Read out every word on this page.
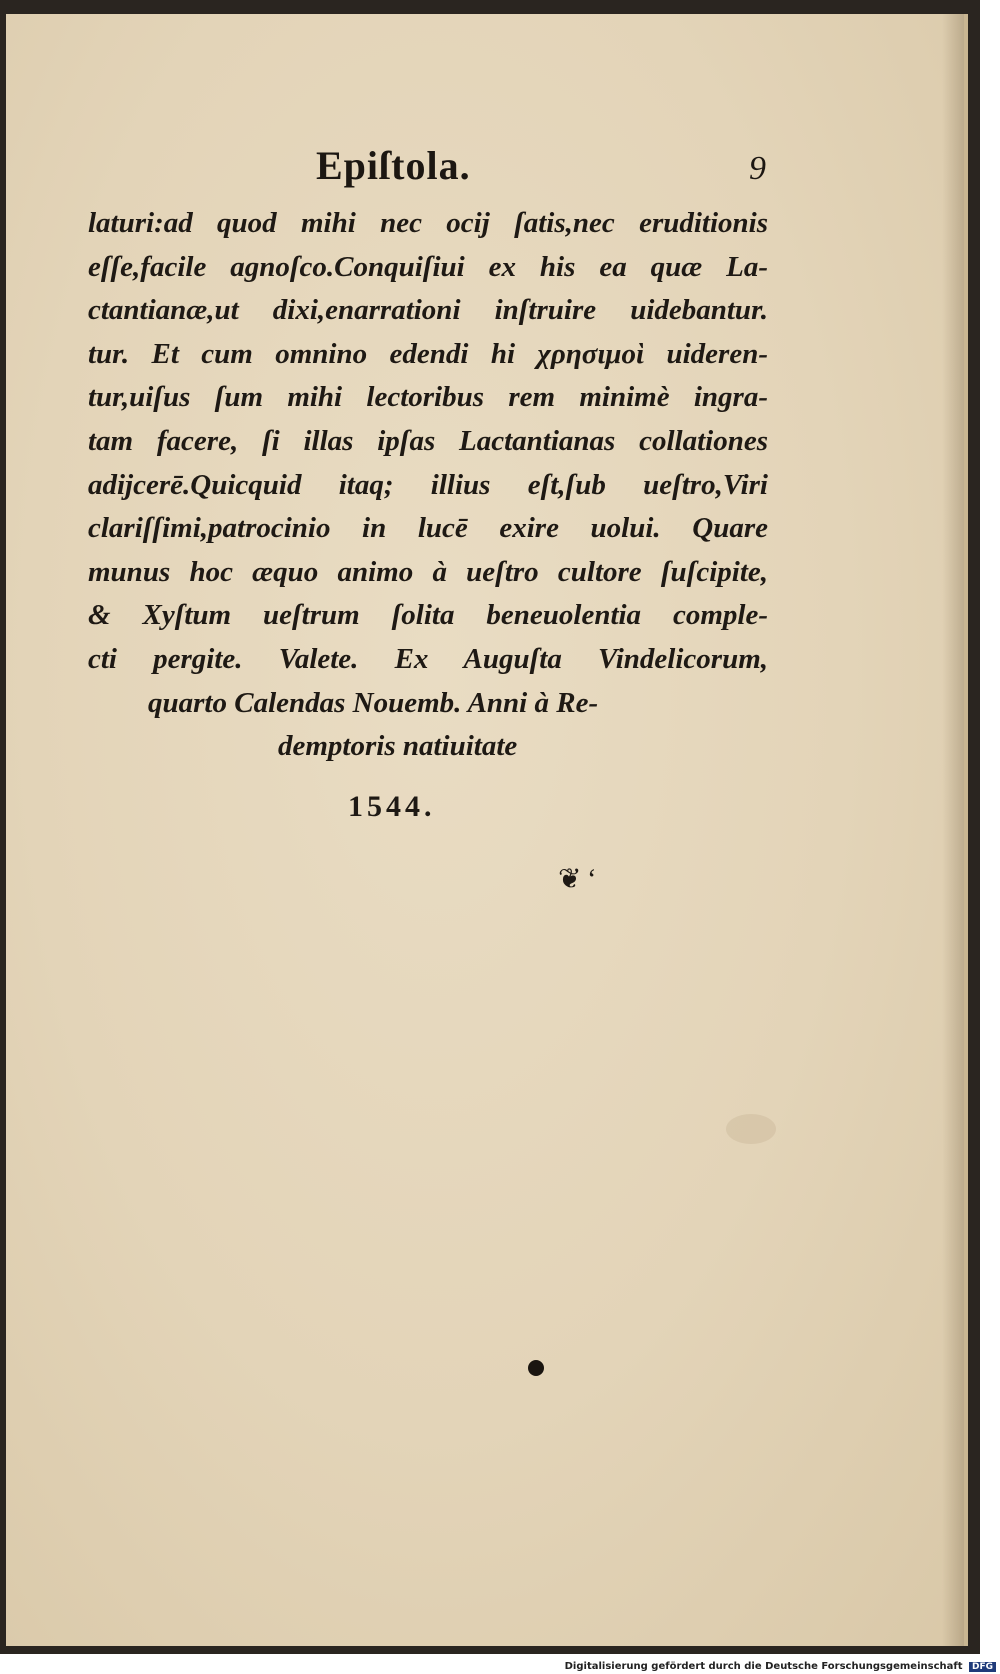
Epiſtola.	9
laturi:ad quod mihi nec ocij ſatis,nec eruditionis
eſſe,facile agnoſco.Conquiſiui ex his ea quæ La-
ctantianæ,ut dixi,enarrationi inſtruire uidebantur.
tur. Et cum omnino edendi hi χρησιμοὶ uideren-
tur,uiſus ſum mihi lectoribus rem minimè ingra-
tam facere, ſi illas ipſas Lactantianas collationes
adijcerē.Quicquid itaq; illius eſt,ſub ueſtro,Viri
clariſſimi,patrocinio in lucē exire uolui. Quare
munus hoc æquo animo à ueſtro cultore ſuſcipite,
& Xyſtum ueſtrum ſolita beneuolentia comple-
cti pergite. Valete. Ex Auguſta Vindelicorum,
quarto Calendas Nouemb. Anni à Re-
demptoris natiuitate
1544.
❦ ʻ
Digitalisierung gefördert durch die Deutsche Forschungsgemeinschaft DFG
